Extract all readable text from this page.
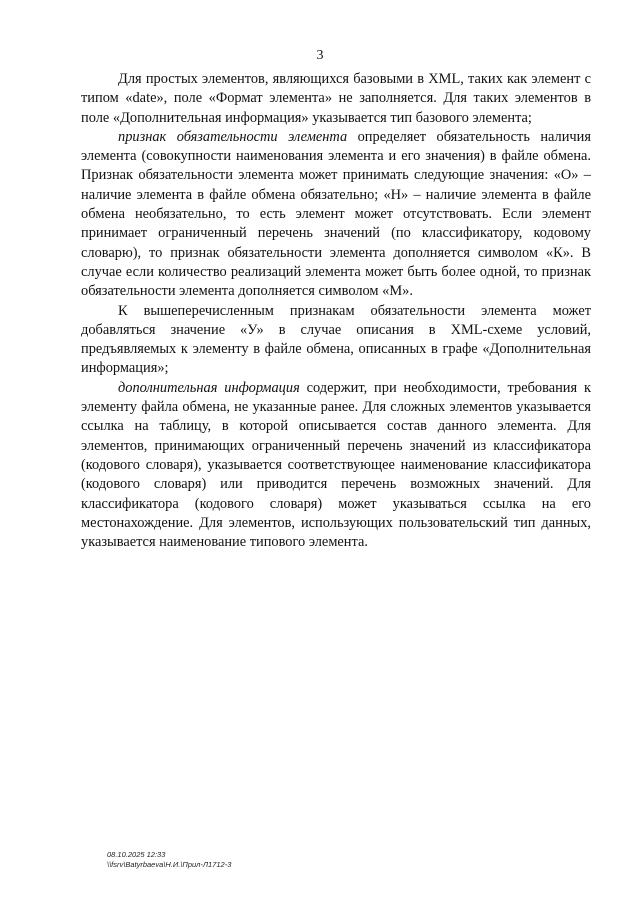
3

Для простых элементов, являющихся базовыми в XML, таких как элемент с типом «date», поле «Формат элемента» не заполняется. Для таких элементов в поле «Дополнительная информация» указывается тип базового элемента;

признак обязательности элемента определяет обязательность наличия элемента (совокупности наименования элемента и его значения) в файле обмена. Признак обязательности элемента может принимать следующие значения: «О» – наличие элемента в файле обмена обязательно; «Н» – наличие элемента в файле обмена необязательно, то есть элемент может отсутствовать. Если элемент принимает ограниченный перечень значений (по классификатору, кодовому словарю), то признак обязательности элемента дополняется символом «К». В случае если количество реализаций элемента может быть более одной, то признак обязательности элемента дополняется символом «М».

К вышеперечисленным признакам обязательности элемента может добавляться значение «У» в случае описания в XML-схеме условий, предъявляемых к элементу в файле обмена, описанных в графе «Дополнительная информация»;

дополнительная информация содержит, при необходимости, требования к элементу файла обмена, не указанные ранее. Для сложных элементов указывается ссылка на таблицу, в которой описывается состав данного элемента. Для элементов, принимающих ограниченный перечень значений из классификатора (кодового словаря), указывается соответствующее наименование классификатора (кодового словаря) или приводится перечень возможных значений. Для классификатора (кодового словаря) может указываться ссылка на его местонахождение. Для элементов, использующих пользовательский тип данных, указывается наименование типового элемента.

08.10.2025 12:33
\\fsrv\Batyrbaeva\Н.И.\Прил-Л1712-3
